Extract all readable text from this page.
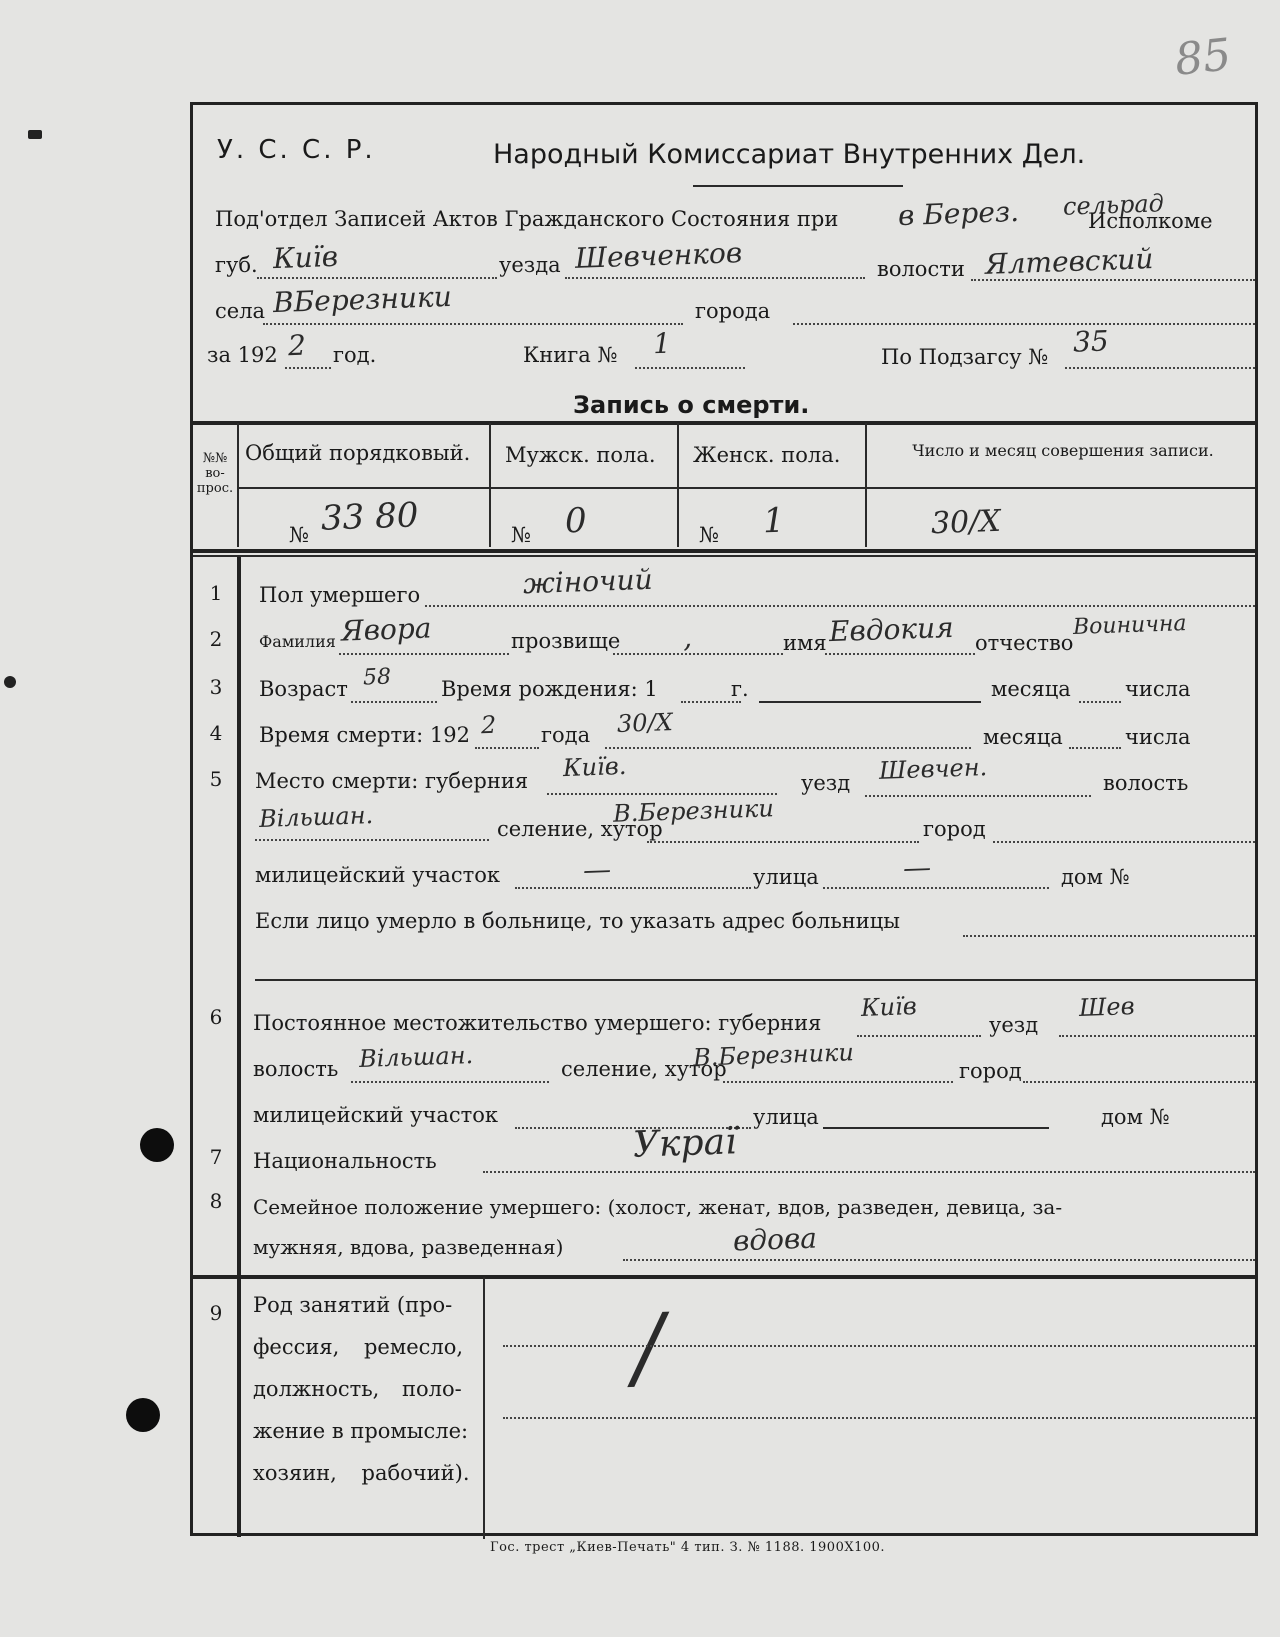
85
У. С. С. Р.	Народный Комиссариат Внутренних Дел.
Под'отдел Записей Актов Гражданского Состояния при в Берез. сельрад
Исполкоме
губ. Київ	уезда Шевченков	волости Ялтевский
села ВБерезники	города
за 192 2 год.	Книга № 1	По Подзагсу № 35
Запись о смерти.
№№ во- прос.
Общий порядковый. Мужск. пола. Женск. пола.	Число и месяц совершения записи.
№ 33 80	№ 0	№ 1	30/Х
1	Пол умершего	жіночий
2	Фамилия Явора	прозвище ,	имя Евдокия отчество
Воинична
3	Возраст 58 Время рождения: 1	г.	месяца	числа
4	Время смерти: 192 2 года 30/Х	месяца	числа
5	Место смерти: губерния Київ.
уезд Шевчен.	волость
Вільшан.	селение, хутор
В.Березники
город
милицейский участок	—	улица	—	дом №
Если лицо умерло в больнице, то указать адрес больницы
6	Постоянное местожительство умершего: губерния
Київ
уезд
Шев
волость Вільшан.	селение, хутор
В.Березники	город
милицейский участок	улица	дом №
7	Национальность	Украї
8	Семейное положение умершего: (холост, женат, вдов, разведен, девица, за-
мужняя, вдова, разведенная)	вдова
9	Род занятий (про-
фессия, ремесло,
должность, поло-
жение в промысле:
хозяин, рабочий).
/
Гос. трест „Киев-Печать" 4 тип. З. № 1188. 1900Х100.
